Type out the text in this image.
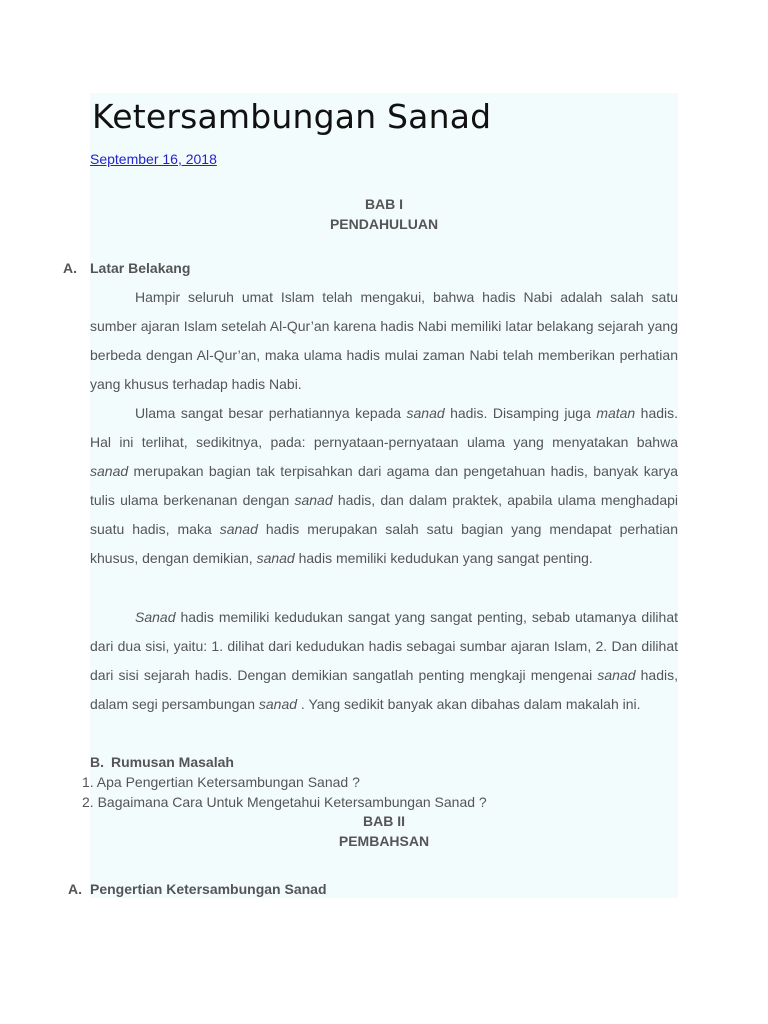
Ketersambungan Sanad
September 16, 2018
BAB I
PENDAHULUAN
A. Latar Belakang

Hampir seluruh umat Islam telah mengakui, bahwa hadis Nabi adalah salah satu sumber ajaran Islam setelah Al-Qur’an karena hadis Nabi memiliki latar belakang sejarah yang berbeda dengan Al-Qur’an, maka ulama hadis mulai zaman Nabi telah memberikan perhatian yang khusus terhadap hadis Nabi.

Ulama sangat besar perhatiannya kepada sanad hadis. Disamping juga matan hadis. Hal ini terlihat, sedikitnya, pada: pernyataan-pernyataan ulama yang menyatakan bahwa sanad merupakan bagian tak terpisahkan dari agama dan pengetahuan hadis, banyak karya tulis ulama berkenanan dengan sanad hadis, dan dalam praktek, apabila ulama menghadapi suatu hadis, maka sanad hadis merupakan salah satu bagian yang mendapat perhatian khusus, dengan demikian, sanad hadis memiliki kedudukan yang sangat penting.

Sanad hadis memiliki kedudukan sangat yang sangat penting, sebab utamanya dilihat dari dua sisi, yaitu: 1. dilihat dari kedudukan hadis sebagai sumbar ajaran Islam, 2. Dan dilihat dari sisi sejarah hadis. Dengan demikian sangatlah penting mengkaji mengenai sanad hadis, dalam segi persambungan sanad . Yang sedikit banyak akan dibahas dalam makalah ini.

B. Rumusan Masalah
1. Apa Pengertian Ketersambungan Sanad ?
2. Bagaimana Cara Untuk Mengetahui Ketersambungan Sanad ?
BAB II
PEMBAHSAN
A. Pengertian Ketersambungan Sanad
